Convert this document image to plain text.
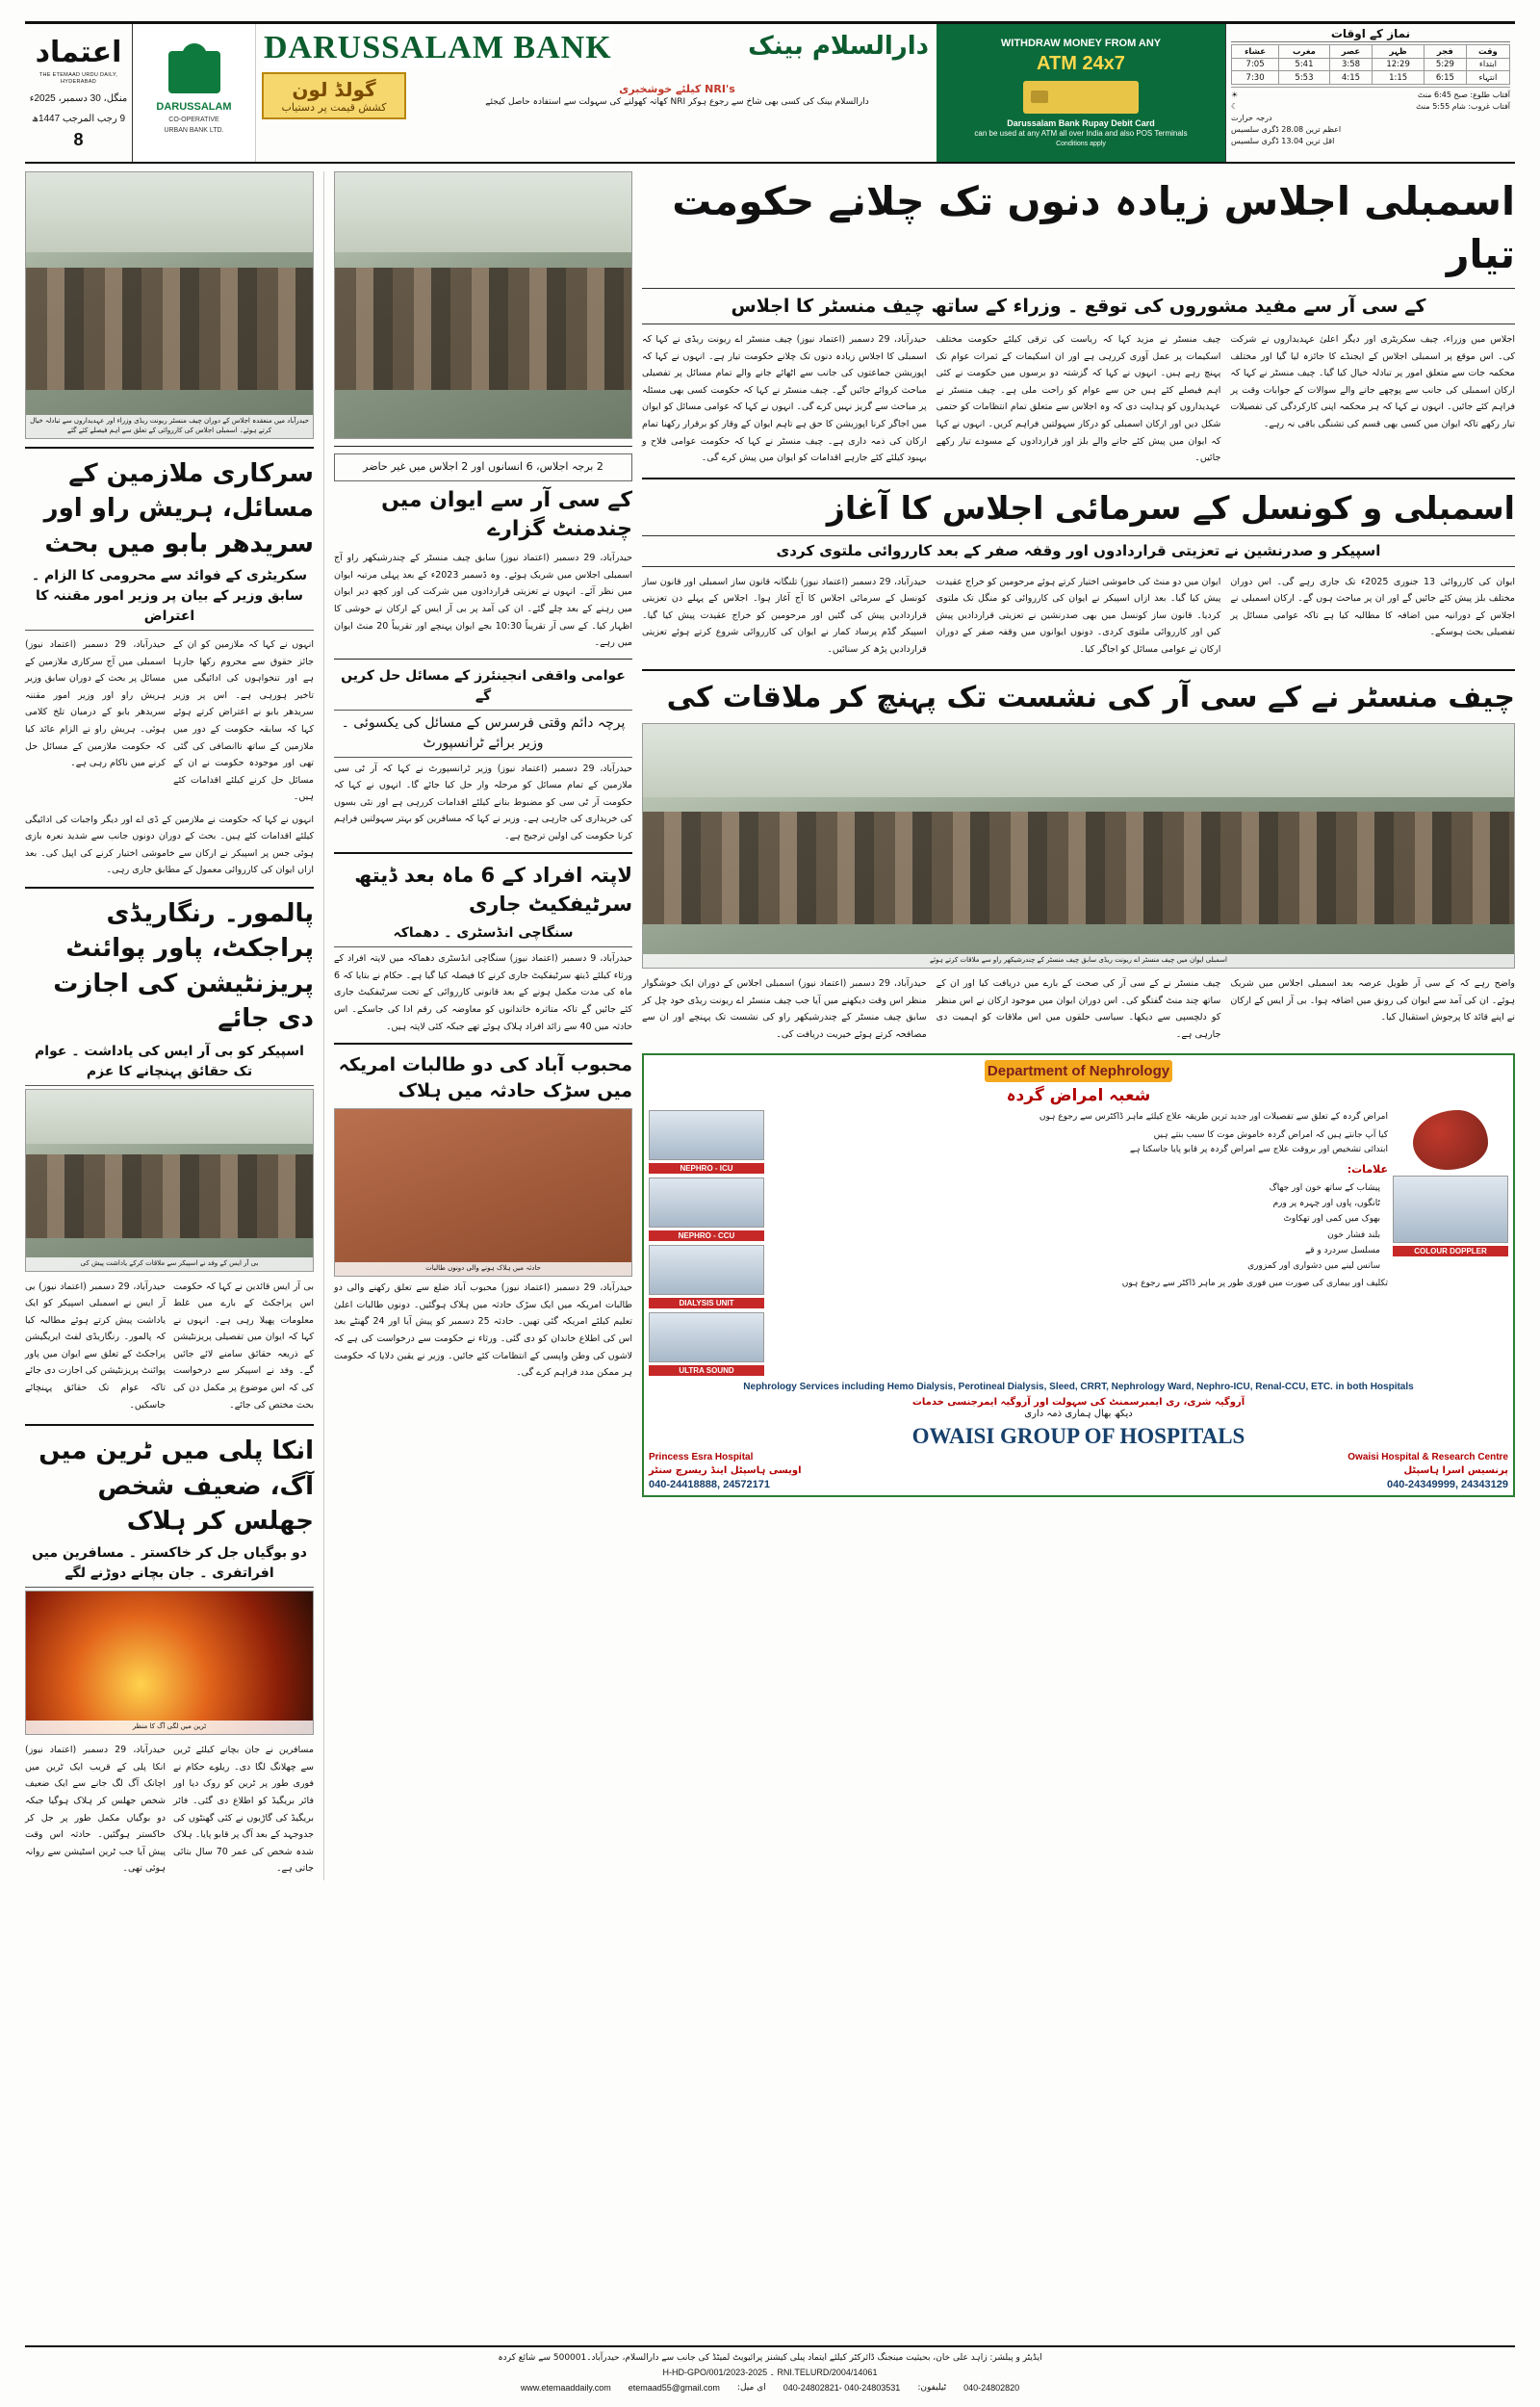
اعتماد
THE ETEMAAD URDU DAILY, HYDERABAD
منگل، 30 دسمبر، 2025ء
9 رجب المرجب 1447ھ
8
DARUSSALAM
CO-OPERATIVE
URBAN BANK LTD.
DARUSSALAM BANK	دارالسلام بینک
گولڈ لون
کشش قیمت پر دستیاب
NRI's کیلئے خوشخبری
دارالسلام بینک کی کسی بھی شاخ سے رجوع ہوکر NRI کھاتہ کھولنے کی سہولت سے استفادہ حاصل کیجئے
WITHDRAW MONEY FROM ANY
ATM 24x7
Darussalam Bank Rupay Debit Card
can be used at any ATM all over India and also POS Terminals
Conditions apply
نماز کے اوقات
وقت	فجر	ظہر	عصر	مغرب	عشاء
ابتداء	5:29	12:29	3:58	5:41	7:05
انتہاء	6:15	1:15	4:15	5:53	7:30
آفتاب طلوع: صبح 6:45 منٹ
☀
آفتاب غروب: شام 5:55 منٹ
☾
درجہ حرارت
اعظم ترین 28.08 ڈگری سلسیس
اقل ترین 13.04 ڈگری سلسیس
حیدرآباد میں منعقدہ اجلاس کے دوران چیف منسٹر ریونت ریڈی وزراء اور عہدیداروں سے تبادلہ خیال کرتے ہوئے۔ اسمبلی اجلاس کی کارروائی کے تعلق سے اہم فیصلے کئے گئے
سرکاری ملازمین کے مسائل، ہریش راو اور سریدھر بابو میں بحث
سکریٹری کے فوائد سے محرومی کا الزام ۔ سابق وزیر کے بیان پر وزیر امور مقننہ کا اعتراض

حیدرآباد، 29 دسمبر (اعتماد نیوز) اسمبلی میں آج سرکاری ملازمین کے مسائل پر بحث کے دوران سابق وزیر ہریش راو اور وزیر امور مقننہ سریدھر بابو کے درمیان تلخ کلامی ہوئی۔ ہریش راو نے الزام عائد کیا کہ حکومت ملازمین کے مسائل حل کرنے میں ناکام رہی ہے۔

انہوں نے کہا کہ ملازمین کو ان کے جائز حقوق سے محروم رکھا جارہا ہے اور تنخواہوں کی ادائیگی میں تاخیر ہورہی ہے۔ اس پر وزیر سریدھر بابو نے اعتراض کرتے ہوئے کہا کہ سابقہ حکومت کے دور میں ملازمین کے ساتھ ناانصافی کی گئی تھی اور موجودہ حکومت نے ان کے مسائل حل کرنے کیلئے اقدامات کئے ہیں۔

انہوں نے کہا کہ حکومت نے ملازمین کے ڈی اے اور دیگر واجبات کی ادائیگی کیلئے اقدامات کئے ہیں۔ بحث کے دوران دونوں جانب سے شدید نعرہ بازی ہوئی جس پر اسپیکر نے ارکان سے خاموشی اختیار کرنے کی اپیل کی۔ بعد ازاں ایوان کی کارروائی معمول کے مطابق جاری رہی۔

پالمور۔ رنگاریڈی پراجکٹ، پاور پوائنٹ پریزنٹیشن کی اجازت دی جائے
اسپیکر کو بی آر ایس کی یاداشت ۔ عوام تک حقائق پہنچانے کا عزم
بی آر ایس کے وفد نے اسپیکر سے ملاقات کرکے یاداشت پیش کی

حیدرآباد، 29 دسمبر (اعتماد نیوز) بی آر ایس نے اسمبلی اسپیکر کو ایک یاداشت پیش کرتے ہوئے مطالبہ کیا کہ پالمور۔ رنگاریڈی لفٹ ایریگیشن پراجکٹ کے تعلق سے ایوان میں پاور پوائنٹ پریزنٹیشن کی اجازت دی جائے تاکہ عوام تک حقائق پہنچائے جاسکیں۔

بی آر ایس قائدین نے کہا کہ حکومت اس پراجکٹ کے بارے میں غلط معلومات پھیلا رہی ہے۔ انہوں نے کہا کہ ایوان میں تفصیلی پریزنٹیشن کے ذریعہ حقائق سامنے لائے جائیں گے۔ وفد نے اسپیکر سے درخواست کی کہ اس موضوع پر مکمل دن کی بحث مختص کی جائے۔

انکا پلی میں ٹرین میں آگ، ضعیف شخص جھلس کر ہلاک
دو بوگیاں جل کر خاکستر ۔ مسافرین میں افراتفری ۔ جان بچانے دوڑنے لگے
ٹرین میں لگی آگ کا منظر

حیدرآباد، 29 دسمبر (اعتماد نیوز) انکا پلی کے قریب ایک ٹرین میں اچانک آگ لگ جانے سے ایک ضعیف شخص جھلس کر ہلاک ہوگیا جبکہ دو بوگیاں مکمل طور پر جل کر خاکستر ہوگئیں۔ حادثہ اس وقت پیش آیا جب ٹرین اسٹیشن سے روانہ ہوئی تھی۔

مسافرین نے جان بچانے کیلئے ٹرین سے چھلانگ لگا دی۔ ریلوے حکام نے فوری طور پر ٹرین کو روک دیا اور فائر بریگیڈ کو اطلاع دی گئی۔ فائر بریگیڈ کی گاڑیوں نے کئی گھنٹوں کی جدوجہد کے بعد آگ پر قابو پایا۔ ہلاک شدہ شخص کی عمر 70 سال بتائی جاتی ہے۔

2 برجہ اجلاس، 6 انسانوں اور 2 اجلاس میں غیر حاضر
کے سی آر سے ایوان میں چندمنٹ گزارے

حیدرآباد، 29 دسمبر (اعتماد نیوز) سابق چیف منسٹر کے چندرشیکھر راو آج اسمبلی اجلاس میں شریک ہوئے۔ وہ ڈسمبر 2023ء کے بعد پہلی مرتبہ ایوان میں نظر آئے۔ انہوں نے تعزیتی قراردادوں میں شرکت کی اور کچھ دیر ایوان میں رہنے کے بعد چلے گئے۔ ان کی آمد پر بی آر ایس کے ارکان نے خوشی کا اظہار کیا۔ کے سی آر تقریباً 10:30 بجے ایوان پہنچے اور تقریباً 20 منٹ ایوان میں رہے۔

عوامی واقفی انجینئرز کے مسائل حل کریں گے
پرچہ دائم وقتی فرسرس کے مسائل کی یکسوئی ۔ وزیر برائے ٹرانسپورٹ

حیدرآباد، 29 دسمبر (اعتماد نیوز) وزیر ٹرانسپورٹ نے کہا کہ آر ٹی سی ملازمین کے تمام مسائل کو مرحلہ وار حل کیا جائے گا۔ انہوں نے کہا کہ حکومت آر ٹی سی کو مضبوط بنانے کیلئے اقدامات کررہی ہے اور نئی بسوں کی خریداری کی جارہی ہے۔ وزیر نے کہا کہ مسافرین کو بہتر سہولتیں فراہم کرنا حکومت کی اولین ترجیح ہے۔

لاپتہ افراد کے 6 ماہ بعد ڈیتھ سرٹیفکیٹ جاری
سنگاچی انڈسٹری ۔ دھماکہ

حیدرآباد، 9 دسمبر (اعتماد نیوز) سنگاچی انڈسٹری دھماکہ میں لاپتہ افراد کے ورثاء کیلئے ڈیتھ سرٹیفکیٹ جاری کرنے کا فیصلہ کیا گیا ہے۔ حکام نے بتایا کہ 6 ماہ کی مدت مکمل ہونے کے بعد قانونی کارروائی کے تحت سرٹیفکیٹ جاری کئے جائیں گے تاکہ متاثرہ خاندانوں کو معاوضہ کی رقم ادا کی جاسکے۔ اس حادثہ میں 40 سے زائد افراد ہلاک ہوئے تھے جبکہ کئی لاپتہ ہیں۔

محبوب آباد کی دو طالبات امریکہ میں سڑک حادثہ میں ہلاک
حادثہ میں ہلاک ہونے والی دونوں طالبات

حیدرآباد، 29 دسمبر (اعتماد نیوز) محبوب آباد ضلع سے تعلق رکھنے والی دو طالبات امریکہ میں ایک سڑک حادثہ میں ہلاک ہوگئیں۔ دونوں طالبات اعلیٰ تعلیم کیلئے امریکہ گئی تھیں۔ حادثہ 25 دسمبر کو پیش آیا اور 24 گھنٹے بعد اس کی اطلاع خاندان کو دی گئی۔ ورثاء نے حکومت سے درخواست کی ہے کہ لاشوں کی وطن واپسی کے انتظامات کئے جائیں۔ وزیر نے یقین دلایا کہ حکومت ہر ممکن مدد فراہم کرے گی۔

اسمبلی اجلاس زیادہ دنوں تک چلانے حکومت تیار
کے سی آر سے مفید مشوروں کی توقع ۔ وزراء کے ساتھ چیف منسٹر کا اجلاس

حیدرآباد، 29 دسمبر (اعتماد نیوز) چیف منسٹر اے ریونت ریڈی نے کہا کہ اسمبلی کا اجلاس زیادہ دنوں تک چلانے حکومت تیار ہے۔ انہوں نے کہا کہ اپوزیشن جماعتوں کی جانب سے اٹھائے جانے والے تمام مسائل پر تفصیلی مباحث کروائے جائیں گے۔ چیف منسٹر نے کہا کہ حکومت کسی بھی مسئلہ پر مباحث سے گریز نہیں کرے گی۔ انہوں نے کہا کہ عوامی مسائل کو ایوان میں اجاگر کرنا اپوزیشن کا حق ہے تاہم ایوان کے وقار کو برقرار رکھنا تمام ارکان کی ذمہ داری ہے۔ چیف منسٹر نے کہا کہ حکومت عوامی فلاح و بہبود کیلئے کئے جارہے اقدامات کو ایوان میں پیش کرے گی۔

چیف منسٹر نے مزید کہا کہ ریاست کی ترقی کیلئے حکومت مختلف اسکیمات پر عمل آوری کررہی ہے اور ان اسکیمات کے ثمرات عوام تک پہنچ رہے ہیں۔ انہوں نے کہا کہ گزشتہ دو برسوں میں حکومت نے کئی اہم فیصلے کئے ہیں جن سے عوام کو راحت ملی ہے۔ چیف منسٹر نے عہدیداروں کو ہدایت دی کہ وہ اجلاس سے متعلق تمام انتظامات کو حتمی شکل دیں اور ارکان اسمبلی کو درکار سہولتیں فراہم کریں۔ انہوں نے کہا کہ ایوان میں پیش کئے جانے والے بلز اور قراردادوں کے مسودے تیار رکھے جائیں۔

اجلاس میں وزراء، چیف سکریٹری اور دیگر اعلیٰ عہدیداروں نے شرکت کی۔ اس موقع پر اسمبلی اجلاس کے ایجنڈے کا جائزہ لیا گیا اور مختلف محکمہ جات سے متعلق امور پر تبادلہ خیال کیا گیا۔ چیف منسٹر نے کہا کہ ارکان اسمبلی کی جانب سے پوچھے جانے والے سوالات کے جوابات وقت پر فراہم کئے جائیں۔ انہوں نے کہا کہ ہر محکمہ اپنی کارکردگی کی تفصیلات تیار رکھے تاکہ ایوان میں کسی بھی قسم کی تشنگی باقی نہ رہے۔

اسمبلی و کونسل کے سرمائی اجلاس کا آغاز
اسپیکر و صدرنشین نے تعزیتی قراردادوں اور وقفہ صفر کے بعد کارروائی ملتوی کردی

حیدرآباد، 29 دسمبر (اعتماد نیوز) تلنگانہ قانون ساز اسمبلی اور قانون ساز کونسل کے سرمائی اجلاس کا آج آغاز ہوا۔ اجلاس کے پہلے دن تعزیتی قراردادیں پیش کی گئیں اور مرحومین کو خراج عقیدت پیش کیا گیا۔ اسپیکر گڈم پرساد کمار نے ایوان کی کارروائی شروع کرتے ہوئے تعزیتی قراردادیں پڑھ کر سنائیں۔

ایوان میں دو منٹ کی خاموشی اختیار کرتے ہوئے مرحومین کو خراج عقیدت پیش کیا گیا۔ بعد ازاں اسپیکر نے ایوان کی کارروائی کو منگل تک ملتوی کردیا۔ قانون ساز کونسل میں بھی صدرنشین نے تعزیتی قراردادیں پیش کیں اور کارروائی ملتوی کردی۔ دونوں ایوانوں میں وقفہ صفر کے دوران ارکان نے عوامی مسائل کو اجاگر کیا۔

ایوان کی کارروائی 13 جنوری 2025ء تک جاری رہے گی۔ اس دوران مختلف بلز پیش کئے جائیں گے اور ان پر مباحث ہوں گے۔ ارکان اسمبلی نے اجلاس کے دورانیہ میں اضافہ کا مطالبہ کیا ہے تاکہ عوامی مسائل پر تفصیلی بحث ہوسکے۔

چیف منسٹر نے کے سی آر کی نشست تک پہنچ کر ملاقات کی
اسمبلی ایوان میں چیف منسٹر اے ریونت ریڈی سابق چیف منسٹر کے چندرشیکھر راو سے ملاقات کرتے ہوئے

حیدرآباد، 29 دسمبر (اعتماد نیوز) اسمبلی اجلاس کے دوران ایک خوشگوار منظر اس وقت دیکھنے میں آیا جب چیف منسٹر اے ریونت ریڈی خود چل کر سابق چیف منسٹر کے چندرشیکھر راو کی نشست تک پہنچے اور ان سے مصافحہ کرتے ہوئے خیریت دریافت کی۔

چیف منسٹر نے کے سی آر کی صحت کے بارے میں دریافت کیا اور ان کے ساتھ چند منٹ گفتگو کی۔ اس دوران ایوان میں موجود ارکان نے اس منظر کو دلچسپی سے دیکھا۔ سیاسی حلقوں میں اس ملاقات کو اہمیت دی جارہی ہے۔

واضح رہے کہ کے سی آر طویل عرصہ بعد اسمبلی اجلاس میں شریک ہوئے۔ ان کی آمد سے ایوان کی رونق میں اضافہ ہوا۔ بی آر ایس کے ارکان نے اپنے قائد کا پرجوش استقبال کیا۔

Department of Nephrology
شعبہ امراض گردہ
NEPHRO - ICU
NEPHRO - CCU
DIALYSIS UNIT
ULTRA SOUND
امراض گردہ کے تعلق سے تفصیلات اور جدید ترین طریقہ علاج کیلئے ماہر ڈاکٹرس سے رجوع ہوں
کیا آپ جانتے ہیں کہ امراض گردہ خاموش موت کا سبب بنتے ہیں
ابتدائی تشخیص اور بروقت علاج سے امراض گردہ پر قابو پایا جاسکتا ہے
علامات:
پیشاب کے ساتھ خون اور جھاگ
ٹانگوں، پاوں اور چہرہ پر ورم
بھوک میں کمی اور تھکاوٹ
بلند فشار خون
مسلسل سردرد و قے
سانس لینے میں دشواری اور کمزوری
تکلیف اور بیماری کی صورت میں فوری طور پر ماہر ڈاکٹر سے رجوع ہوں
COLOUR DOPPLER
Nephrology Services including Hemo Dialysis, Perotineal Dialysis, Sleed, CRRT, Nephrology Ward, Nephro-ICU, Renal-CCU, ETC. in both Hospitals
آروگیہ شری، ری ایمبرسمنٹ کی سہولت اور آروگیہ ایمرجنسی خدمات
دیکھ بھال ہماری ذمہ داری
OWAISI GROUP OF HOSPITALS
Princess Esra Hospital	Owaisi Hospital & Research Centre
پرنسیس اسرا ہاسپٹل
اویسی ہاسپٹل اینڈ ریسرچ سنٹر
040-24418888, 24572171	040-24349999, 24343129
ایڈیٹر و پبلشر: زاہد علی خان، بحیثیت مینجنگ ڈائرکٹر کیلئے ایتماد پبلی کیشنز پرائیویٹ لمیٹڈ کی جانب سے دارالسلام، حیدرآباد۔500001 سے شائع کردہ
H-HD-GPO/001/2023-2025 ۔ RNI.TELURD/2004/14061
www.etemaaddaily.com etemaad55@gmail.com ای میل: 040-24802821- 040-24803531 ٹیلیفون: 040-24802820
